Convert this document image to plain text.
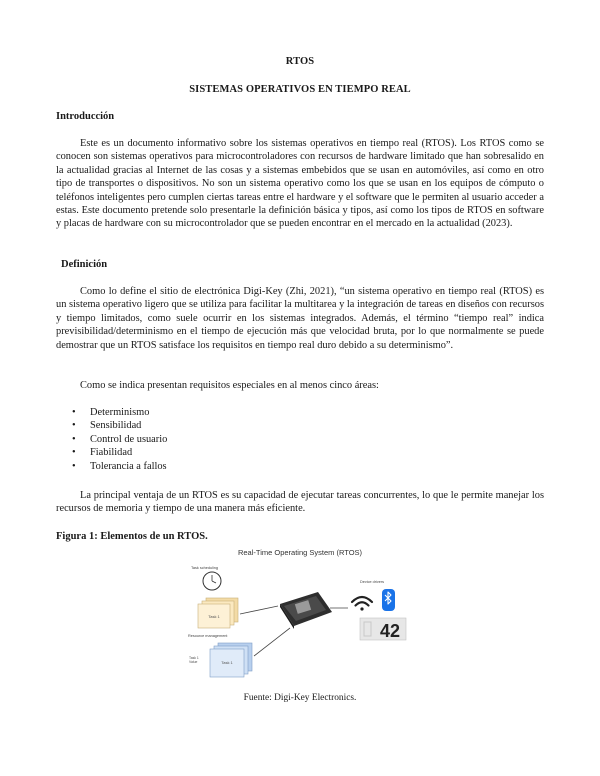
RTOS
SISTEMAS OPERATIVOS EN TIEMPO REAL
Introducción

Este es un documento informativo sobre los sistemas operativos en tiempo real (RTOS). Los RTOS como se conocen son sistemas operativos para microcontroladores con recursos de hardware limitado que han sobresalido en la actualidad gracias al Internet de las cosas y a sistemas embebidos que se usan en automóviles, así como en otro tipo de transportes o dispositivos. No son un sistema operativo como los que se usan en los equipos de cómputo o teléfonos inteligentes pero cumplen ciertas tareas entre el hardware y el software que le permiten al usuario acceder a estas. Este documento pretende solo presentarle la definición básica y tipos, así como los tipos de RTOS en software y placas de hardware con su microcontrolador que se pueden encontrar en el mercado en la actualidad (2023).

Definición

Como lo define el sitio de electrónica Digi-Key (Zhi, 2021), “un sistema operativo en tiempo real (RTOS) es un sistema operativo ligero que se utiliza para facilitar la multitarea y la integración de tareas en diseños con recursos y tiempo limitados, como suele ocurrir en los sistemas integrados. Además, el término “tiempo real” indica previsibilidad/determinismo en el tiempo de ejecución más que velocidad bruta, por lo que normalmente se puede demostrar que un RTOS satisface los requisitos en tiempo real duro debido a su determinismo”.

Como se indica presentan requisitos especiales en al menos cinco áreas:
• Determinismo
• Sensibilidad
• Control de usuario
• Fiabilidad
• Tolerancia a fallos

La principal ventaja de un RTOS es su capacidad de ejecutar tareas concurrentes, lo que le permite manejar los recursos de memoria y tiempo de una manera más eficiente.

Figura 1: Elementos de un RTOS.
Real-Time Operating System (RTOS)
Task scheduling
Task 1
Resource management
Task 1 Value	Task 1
Device drivers
42
Fuente: Digi-Key Electronics.
